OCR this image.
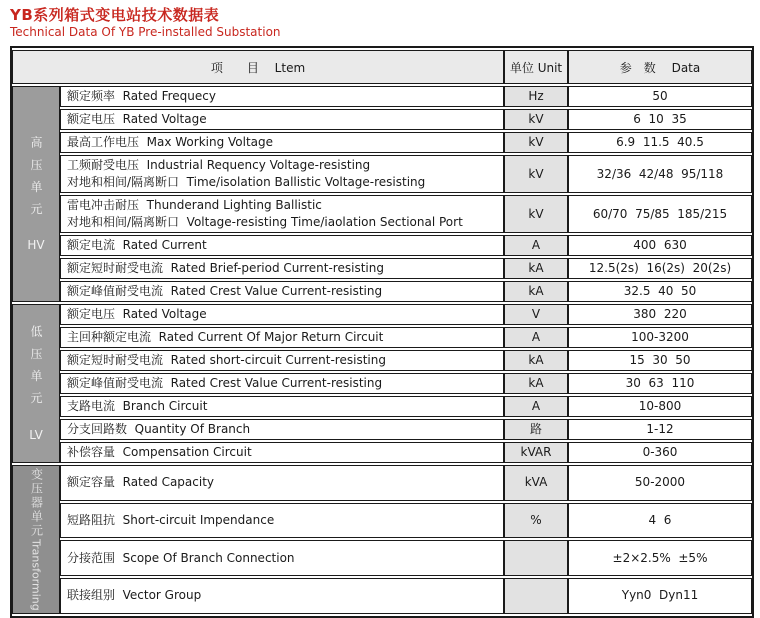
YB系列箱式变电站技术数据表
Technical Data Of YB Pre-installed Substation
项　　目　 Ltem		单位 Unit	参　数　 Data

高压单元
HV	额定频率  Rated Frequecy	Hz	50

	额定电压  Rated Voltage	kV	6  10  35

	最高工作电压  Max Working Voltage	kV	6.9  11.5  40.5

	工频耐受电压  Industrial Requency Voltage-resisting
对地和相间/隔离断口  Time/isolation Ballistic Voltage-resisting	kV	32/36  42/48  95/118

	雷电冲击耐压  Thunderand Lighting Ballistic
对地和相间/隔离断口  Voltage-resisting Time/iaolation Sectional Port	kV	60/70  75/85  185/215

	额定电流  Rated Current	A	400  630

	额定短时耐受电流  Rated Brief-period Current-resisting	kA	12.5(2s)  16(2s)  20(2s)

	额定峰值耐受电流  Rated Crest Value Current-resisting	kA	32.5  40  50

低压单元
LV	额定电压  Rated Voltage	V	380  220

	主回种额定电流  Rated Current Of Major Return Circuit	A	100-3200

	额定短时耐受电流  Rated short-circuit Current-resisting	kA	15  30  50

	额定峰值耐受电流  Rated Crest Value Current-resisting	kA	30  63  110

	支路电流  Branch Circuit	A	10-800

	分支回路数  Quantity Of Branch	路	1-12

	补偿容量  Compensation Circuit	kVAR	0-360

变压器单元
Transforming	额定容量  Rated Capacity	kVA	50-2000

	短路阻抗  Short-circuit Impendance	%	4  6

	分接范围  Scope Of Branch Connection		±2×2.5%  ±5%

	联接组别  Vector Group		Yyn0  Dyn11
